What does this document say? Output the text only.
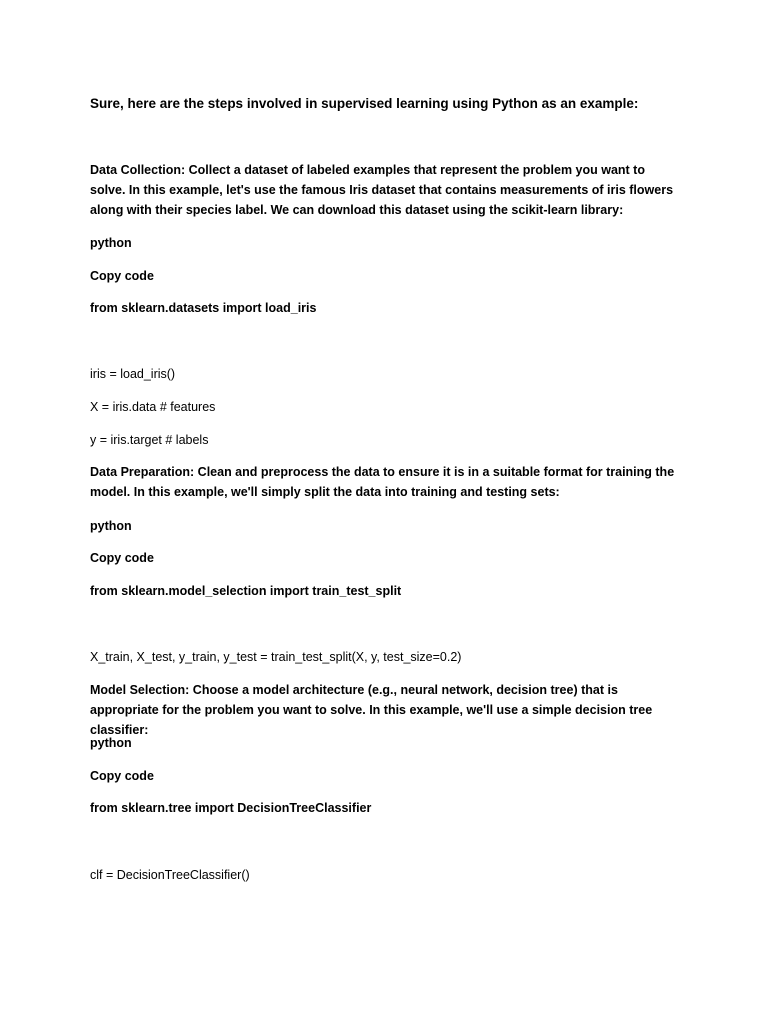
Sure, here are the steps involved in supervised learning using Python as an example:

Data Collection: Collect a dataset of labeled examples that represent the problem you want to solve. In this example, let's use the famous Iris dataset that contains measurements of iris flowers along with their species label. We can download this dataset using the scikit-learn library:

python

Copy code

from sklearn.datasets import load_iris

iris = load_iris()

X = iris.data # features

y = iris.target # labels

Data Preparation: Clean and preprocess the data to ensure it is in a suitable format for training the model. In this example, we'll simply split the data into training and testing sets:

python

Copy code

from sklearn.model_selection import train_test_split

X_train, X_test, y_train, y_test = train_test_split(X, y, test_size=0.2)

Model Selection: Choose a model architecture (e.g., neural network, decision tree) that is appropriate for the problem you want to solve. In this example, we'll use a simple decision tree classifier:

python

Copy code

from sklearn.tree import DecisionTreeClassifier

clf = DecisionTreeClassifier()
